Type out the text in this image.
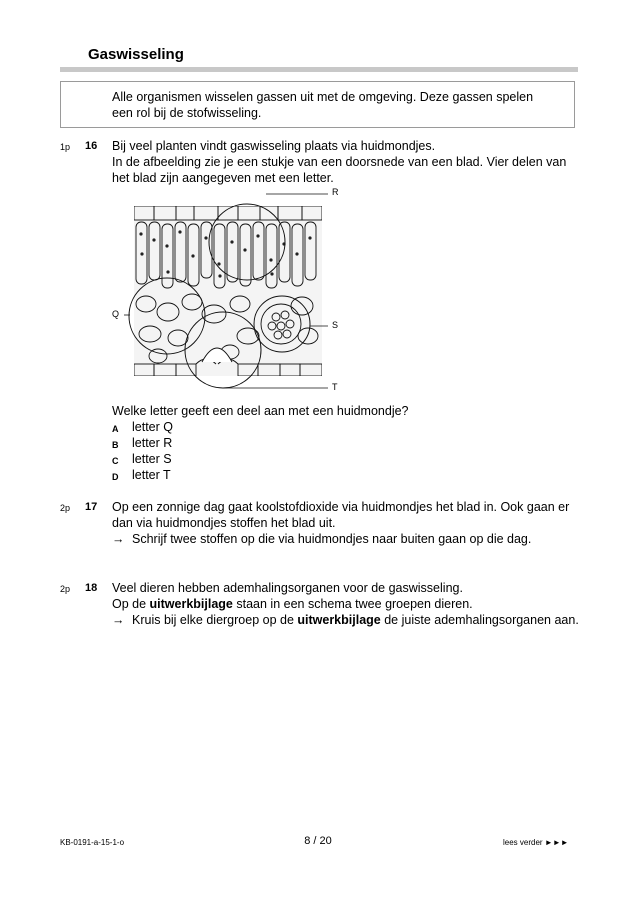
Gaswisseling

Alle organismen wisselen gassen uit met de omgeving. Deze gassen spelen een rol bij de stofwisseling.

1p 16 Bij veel planten vindt gaswisseling plaats via huidmondjes.

In de afbeelding zie je een stukje van een doorsnede van een blad. Vier delen van het blad zijn aangegeven met een letter.

R
Q
S
T

Welke letter geeft een deel aan met een huidmondje?

A letter Q
B letter R
C letter S
D letter T
2p 17 Op een zonnige dag gaat koolstofdioxide via huidmondjes het blad in. Ook gaan er dan via huidmondjes stoffen het blad uit.

→ Schrijf twee stoffen op die via huidmondjes naar buiten gaan op die dag.
2p 18 Veel dieren hebben ademhalingsorganen voor de gaswisseling.

Op de uitwerkbijlage staan in een schema twee groepen dieren.

→ Kruis bij elke diergroep op de uitwerkbijlage de juiste ademhalingsorganen aan.
KB-0191-a-15-1-o	8 / 20	lees verder ►►►
